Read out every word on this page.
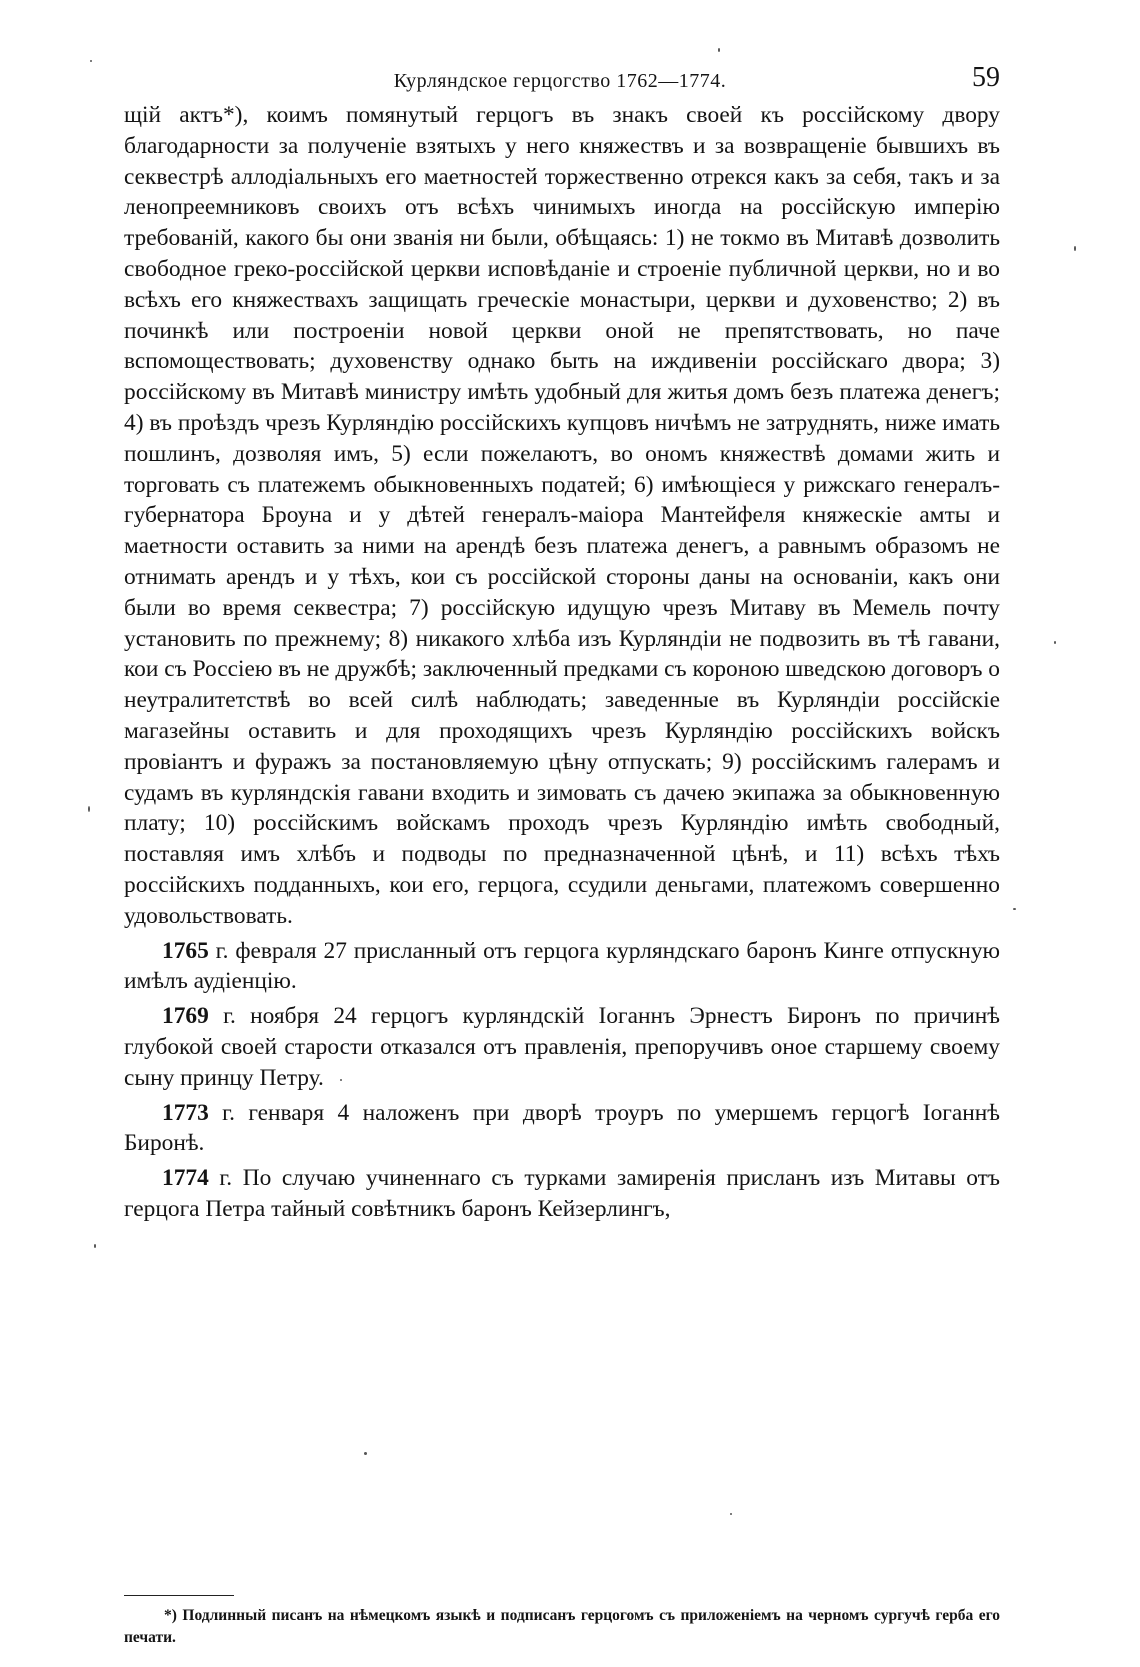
Курляндское герцогство 1762—1774.	59

щій актъ*), коимъ помянутый герцогъ въ знакъ своей къ россійскому двору благодарности за полученіе взятыхъ у него княжествъ и за возвращеніе бывшихъ въ секвестрѣ аллодіальныхъ его маетностей торжественно отрекся какъ за себя, такъ и за ленопреемниковъ своихъ отъ всѣхъ чинимыхъ иногда на россійскую имперію требованій, какого бы они званія ни были, обѣщаясь: 1) не токмо въ Митавѣ дозволить свободное греко-россійской церкви исповѣданіе и строеніе публичной церкви, но и во всѣхъ его княжествахъ защищать греческіе монастыри, церкви и духовенство; 2) въ починкѣ или построеніи новой церкви оной не препятствовать, но паче вспомоществовать; духовенству однако быть на иждивеніи россійскаго двора; 3) россійскому въ Митавѣ министру имѣть удобный для житья домъ безъ платежа денегъ; 4) въ проѣздъ чрезъ Курляндію россійскихъ купцовъ ничѣмъ не затруднять, ниже имать пошлинъ, дозволяя имъ, 5) если пожелаютъ, во ономъ княжествѣ домами жить и торговать съ платежемъ обыкновенныхъ податей; 6) имѣющіеся у рижскаго генералъ-губернатора Броуна и у дѣтей генералъ-маіора Мантейфеля княжескіе амты и маетности оставить за ними на арендѣ безъ платежа денегъ, а равнымъ образомъ не отнимать арендъ и у тѣхъ, кои съ россійской стороны даны на основаніи, какъ они были во время секвестра; 7) россійскую идущую чрезъ Митаву въ Мемель почту установить по прежнему; 8) никакого хлѣба изъ Курляндіи не подвозить въ тѣ гавани, кои съ Россіею въ не дружбѣ; заключенный предками съ короною шведскою договоръ о неутралитетствѣ во всей силѣ наблюдать; заведенные въ Курляндіи россійскіе магазейны оставить и для проходящихъ чрезъ Курляндію россійскихъ войскъ провіантъ и фуражъ за постановляемую цѣну отпускать; 9) россійскимъ галерамъ и судамъ въ курляндскія гавани входить и зимовать съ дачею экипажа за обыкновенную плату; 10) россійскимъ войскамъ проходъ чрезъ Курляндію имѣть свободный, поставляя имъ хлѣбъ и подводы по предназначенной цѣнѣ, и 11) всѣхъ тѣхъ россійскихъ подданныхъ, кои его, герцога, ссудили деньгами, платежомъ совершенно удовольствовать.

1765 г. февраля 27 присланный отъ герцога курляндскаго баронъ Кинге отпускную имѣлъ аудіенцію.

1769 г. ноября 24 герцогъ курляндскій Іоганнъ Эрнестъ Биронъ по причинѣ глубокой своей старости отказался отъ правленія, препоручивъ оное старшему своему сыну принцу Петру.

1773 г. генваря 4 наложенъ при дворѣ троуръ по умершемъ герцогѣ Іоганнѣ Биронѣ.

1774 г. По случаю учиненнаго съ турками замиренія присланъ изъ Митавы отъ герцога Петра тайный совѣтникъ баронъ Кейзерлингъ,

*) Подлинный писанъ на нѣмецкомъ языкѣ и подписанъ герцогомъ съ приложеніемъ на черномъ сургучѣ герба его печати.
